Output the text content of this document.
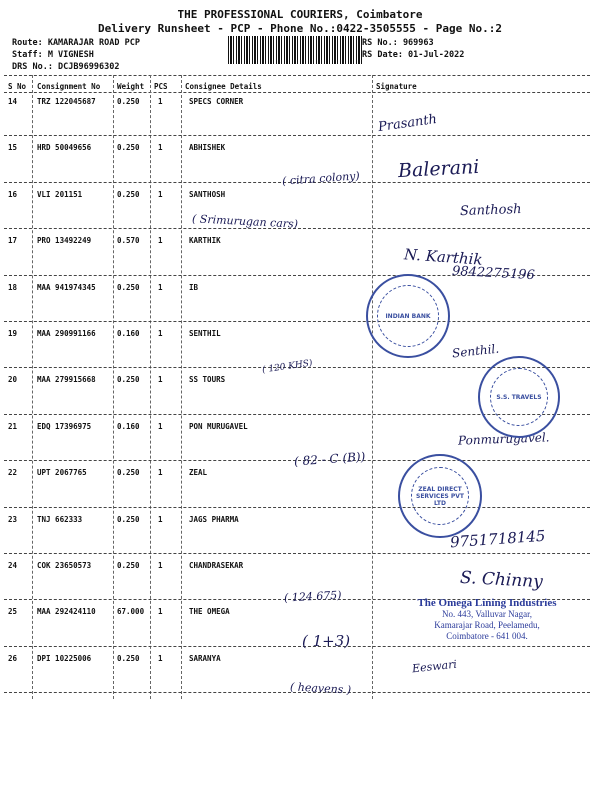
THE PROFESSIONAL COURIERS, Coimbatore
Delivery Runsheet - PCP - Phone No.:0422-3505555 - Page No.:2
Route: KAMARAJAR ROAD PCP
Staff: M VIGNESH
DRS No.: DCJB96996302
RS No.: 969963
RS Date: 01-Jul-2022
S No Consignment No Weight PCS Consignee Details	Signature
14	TRZ 122045687	0.250 1	SPECS CORNER
15	HRD 50049656	0.250 1	ABHISHEK
16	VLI 201151	0.250 1	SANTHOSH
17	PRO 13492249	0.570 1	KARTHIK
18	MAA 941974345	0.250 1	IB
19	MAA 290991166	0.160 1	SENTHIL
20	MAA 279915668	0.250 1	SS TOURS
21	EDQ 17396975	0.160 1	PON MURUGAVEL
22	UPT 2067765	0.250 1	ZEAL
23	TNJ 662333	0.250 1	JAGS PHARMA
24	COK 23650573	0.250 1	CHANDRASEKAR
25	MAA 292424110	67.000 1	THE OMEGA
26	DPI 10225006	0.250 1	SARANYA
Prasanth
( citra colony) Balerani
( Srimurugan cars)
Santhosh
N. Karthik
9842275196
Senthil.
( 120 KHS)
Ponmurugavel.
( 82 - C (B))
9751718145
( 124 675)
S. Chinny
( 1+3)
Eeswari
( heavens )
INDIAN BANK
S.S. TRAVELS
ZEAL DIRECT SERVICES PVT LTD
The Omega Lining Industries
No. 443, Valluvar Nagar,
Kamarajar Road, Peelamedu,
Coimbatore - 641 004.
